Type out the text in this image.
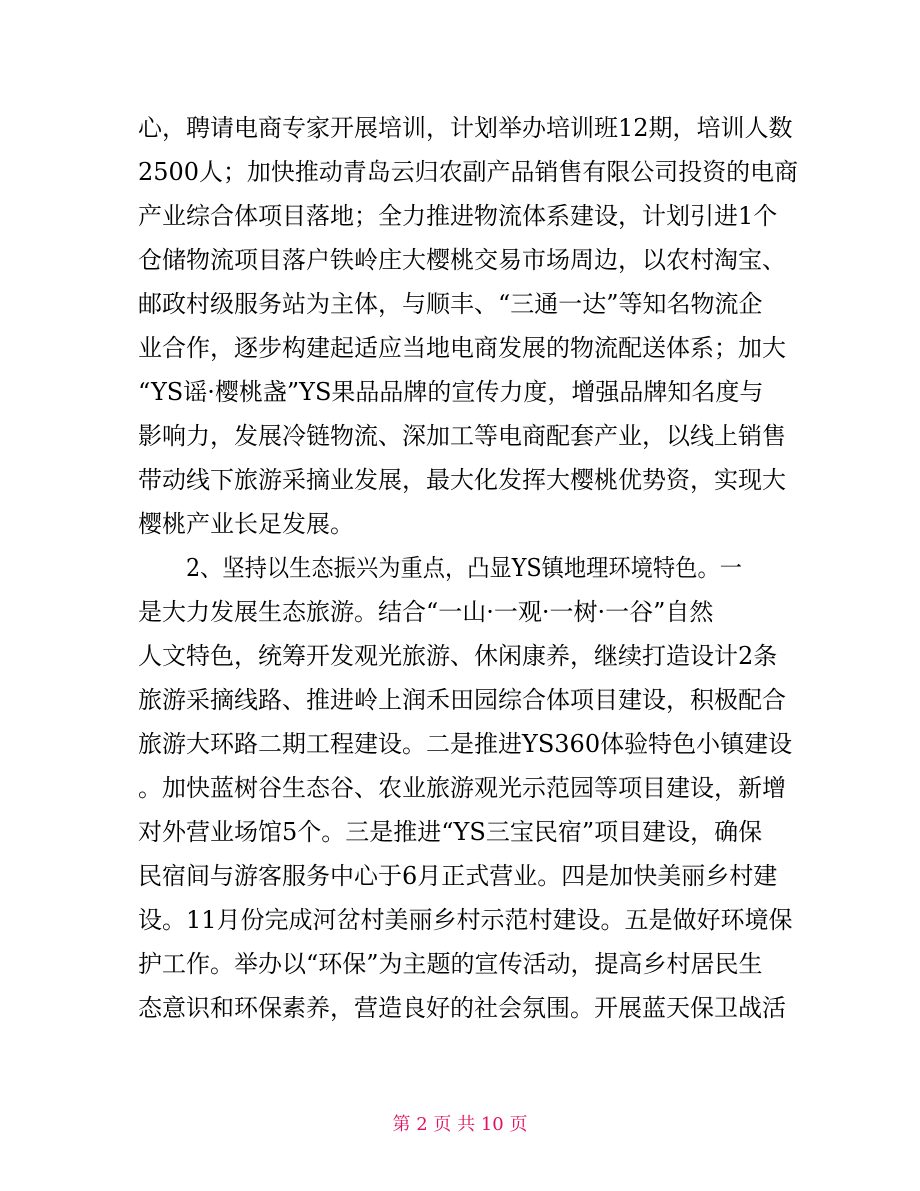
心，聘请电商专家开展培训，计划举办培训班12期，培训人数
2500人；加快推动青岛云归农副产品销售有限公司投资的电商
产业综合体项目落地；全力推进物流体系建设，计划引进1个
仓储物流项目落户铁岭庄大樱桃交易市场周边，以农村淘宝、
邮政村级服务站为主体，与顺丰、“三通一达”等知名物流企
业合作，逐步构建起适应当地电商发展的物流配送体系；加大
“YS谣·樱桃盏”YS果品品牌的宣传力度，增强品牌知名度与
影响力，发展冷链物流、深加工等电商配套产业，以线上销售
带动线下旅游采摘业发展，最大化发挥大樱桃优势资，实现大
樱桃产业长足发展。
2、坚持以生态振兴为重点，凸显YS镇地理环境特色。一
是大力发展生态旅游。结合“一山·一观·一树·一谷”自然
人文特色，统筹开发观光旅游、休闲康养，继续打造设计2条
旅游采摘线路、推进岭上润禾田园综合体项目建设，积极配合
旅游大环路二期工程建设。二是推进YS360体验特色小镇建设
。加快蓝树谷生态谷、农业旅游观光示范园等项目建设，新增
对外营业场馆5个。三是推进“YS三宝民宿”项目建设，确保
民宿间与游客服务中心于6月正式营业。四是加快美丽乡村建
设。11月份完成河岔村美丽乡村示范村建设。五是做好环境保
护工作。举办以“环保”为主题的宣传活动，提高乡村居民生
态意识和环保素养，营造良好的社会氛围。开展蓝天保卫战活
第 2 页 共 10 页
